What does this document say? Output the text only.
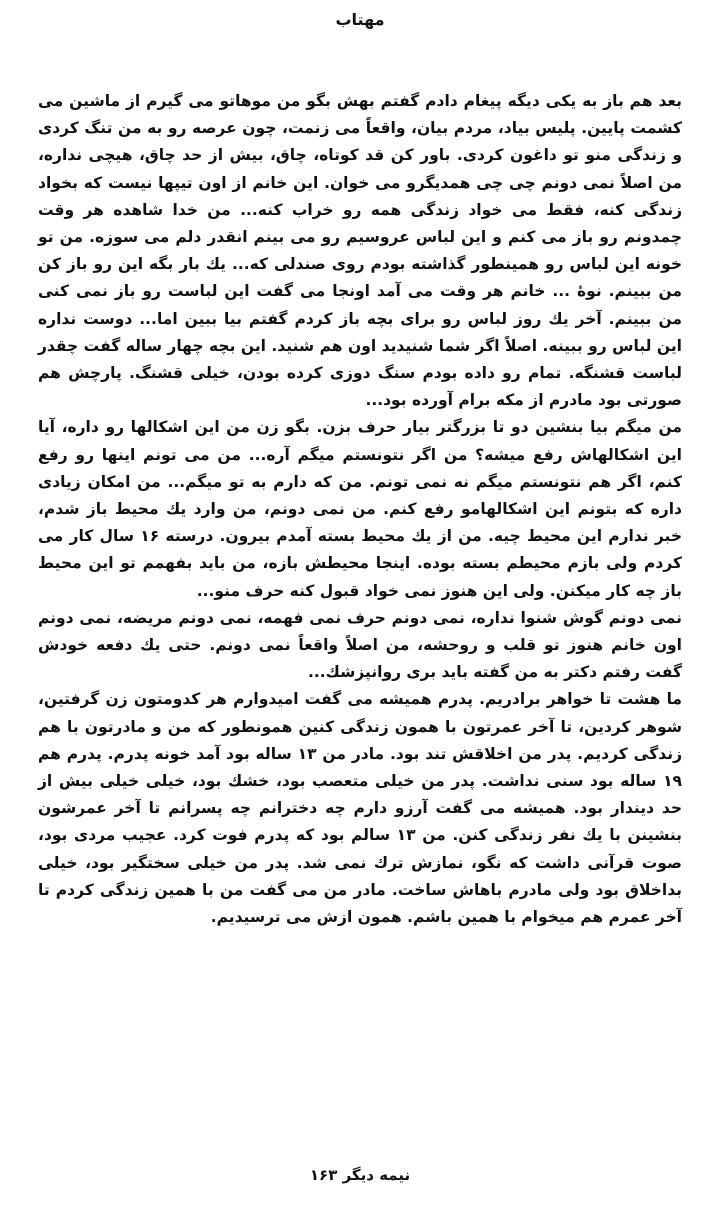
مهتاب

بعد هم باز به یکی دیگه پیغام دادم گفتم بهش بگو من موهاتو می گیرم از ماشین می کشمت پایین. پلیس بیاد، مردم بیان، واقعاً می زنمت، چون عرصه رو به من تنگ کردی و زندگی منو تو داغون کردی. باور کن قد کوتاه، چاق، بیش از حد چاق، هیچی نداره، من اصلاً نمی دونم چی چی همدیگرو می خوان. این خانم از اون تیپها نیست که بخواد زندگی کنه، فقط می خواد زندگی همه رو خراب کنه... من خدا شاهده هر وقت چمدونم رو باز می کنم و این لباس عروسیم رو می بینم انقدر دلم می سوزه. من تو خونه این لباس رو همینطور گذاشته بودم روی صندلی که... یك بار بگه این رو باز کن من ببینم. نوهٔ ... خانم هر وقت می آمد اونجا می گفت این لباست رو باز نمی کنی من ببینم. آخر یك روز لباس رو برای بچه باز کردم گفتم بیا ببین اما... دوست نداره این لباس رو ببینه. اصلاً اگر شما شنیدید اون هم شنید. این بچه چهار ساله گفت چقدر لباست قشنگه. تمام رو داده بودم سنگ دوزی کرده بودن، خیلی قشنگ. پارچش هم صورتی بود مادرم از مکه برام آورده بود...

من میگم بیا بنشین دو تا بزرگتر بیار حرف بزن. بگو زن من این اشکالها رو داره، آیا این اشکالهاش رفع میشه؟ من اگر نتونستم میگم آره... من می تونم اینها رو رفع کنم، اگر هم نتونستم میگم نه نمی تونم. من که دارم به تو میگم... من امکان زیادی داره که بتونم این اشکالهامو رفع کنم. من نمی دونم، من وارد یك محیط باز شدم، خبر ندارم این محیط چیه. من از یك محیط بسته آمدم بیرون. درسته ۱۶ سال کار می کردم ولی بازم محیطم بسته بوده. اینجا محیطش بازه، من باید بفهمم تو این محیط باز چه کار میکنن. ولی این هنوز نمی خواد قبول کنه حرف منو...

نمی دونم گوش شنوا نداره، نمی دونم حرف نمی فهمه، نمی دونم مریضه، نمی دونم اون خانم هنوز تو قلب و روحشه، من اصلاً واقعاً نمی دونم. حتی یك دفعه خودش گفت رفتم دکتر به من گفته باید بری روانپزشك...

ما هشت تا خواهر برادریم. پدرم همیشه می گفت امیدوارم هر کدومتون زن گرفتین، شوهر کردین، تا آخر عمرتون با همون زندگی کنین همونطور که من و مادرتون با هم زندگی کردیم. پدر من اخلاقش تند بود. مادر من ۱۳ ساله بود آمد خونه پدرم. پدرم هم ۱۹ ساله بود سنی نداشت. پدر من خیلی متعصب بود، خشك بود، خیلی خیلی بیش از حد دیندار بود. همیشه می گفت آرزو دارم چه دخترانم چه پسرانم تا آخر عمرشون بنشینن با یك نفر زندگی کنن. من ۱۳ سالم بود که پدرم فوت کرد. عجیب مردی بود، صوت قرآنی داشت که نگو، نمازش ترك نمی شد. پدر من خیلی سختگیر بود، خیلی بداخلاق بود ولی مادرم باهاش ساخت. مادر من می گفت من با همین زندگی کردم تا آخر عمرم هم میخوام با همین باشم. همون ازش می ترسیدیم.

نیمه دیگر ۱۶۳
